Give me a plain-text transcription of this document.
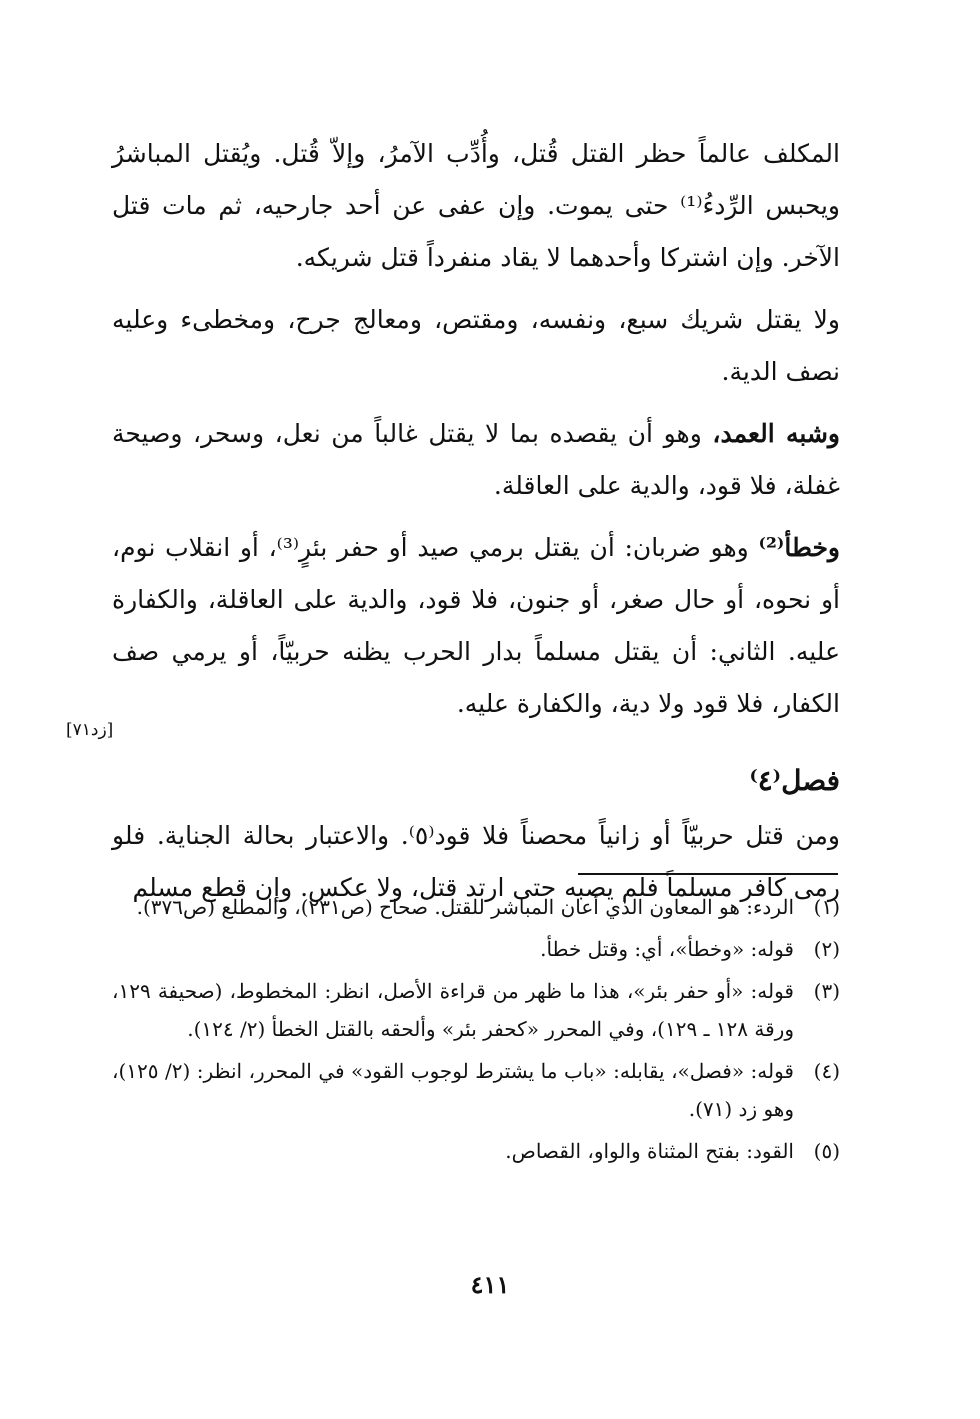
المكلف عالماً حظر القتل قُتل، وأُدِّب الآمرُ، وإلاّ قُتل. ويُقتل المباشرُ ويحبس الرِّدءُ⁽¹⁾ حتى يموت. وإن عفى عن أحد جارحيه، ثم مات قتل الآخر. وإن اشتركا وأحدهما لا يقاد منفرداً قتل شريكه.

ولا يقتل شريك سبع، ونفسه، ومقتص، ومعالج جرح، ومخطىء وعليه نصف الدية.

وشبه العمد، وهو أن يقصده بما لا يقتل غالباً من نعل، وسحر، وصيحة غفلة، فلا قود، والدية على العاقلة.

وخطأ⁽²⁾ وهو ضربان: أن يقتل برمي صيد أو حفر بئرٍ⁽³⁾، أو انقلاب نوم، أو نحوه، أو حال صغر، أو جنون، فلا قود، والدية على العاقلة، والكفارة عليه. الثاني: أن يقتل مسلماً بدار الحرب يظنه حربيّاً، أو يرمي صف الكفار، فلا قود ولا دية، والكفارة عليه.

فصل⁽٤⁾

ومن قتل حربيّاً أو زانياً محصناً فلا قود⁽٥⁾. والاعتبار بحالة الجناية. فلو رمى كافر مسلماً فلم يصبه حتى ارتد قتل، ولا عكس. وإن قطع مسلم

[زد٧١]
(١)الردء: هو المعاون الذي أعان المباشر للقتل. صحاح (ص٢٣١)، والمطلع (ص٣٧٦).
(٢)قوله: «وخطأ»، أي: وقتل خطأ.
(٣)قوله: «أو حفر بئر»، هذا ما ظهر من قراءة الأصل، انظر: المخطوط، (صحيفة ١٢٩، ورقة ١٢٨ ـ ١٢٩)، وفي المحرر «كحفر بئر» وألحقه بالقتل الخطأ (٢/ ١٢٤).
(٤)قوله: «فصل»، يقابله: «باب ما يشترط لوجوب القود» في المحرر، انظر: (٢/ ١٢٥)، وهو زد (٧١).
(٥)القود: بفتح المثناة والواو، القصاص.
٤١١
